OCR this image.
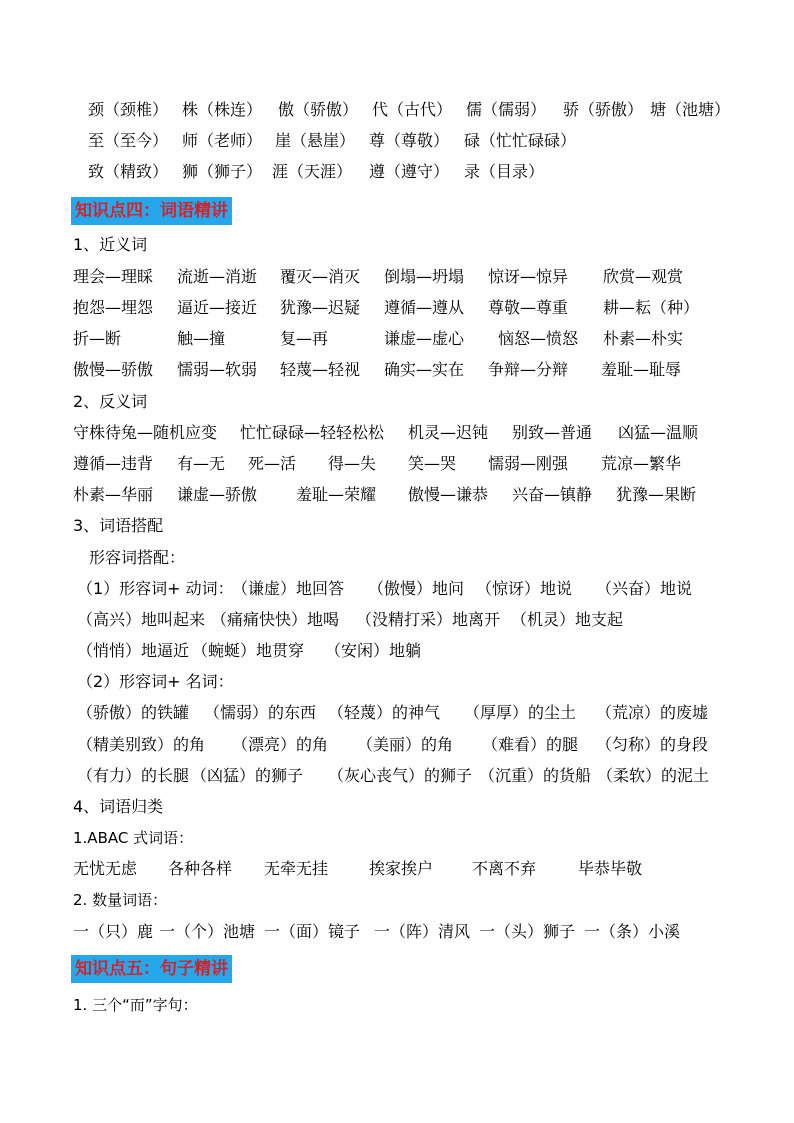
颈（颈椎） 株（株连） 傲（骄傲） 代（古代） 儒（儒弱） 骄（骄傲） 塘（池塘）
至（至今） 师（老师） 崖（悬崖） 尊（尊敬） 碌（忙忙碌碌）
致（精致） 狮（狮子） 涯（天涯） 遵（遵守） 录（目录）
知识点四：词语精讲
1、近义词
理会—理睬 流逝—消逝 覆灭—消灭 倒塌—坍塌 惊讶—惊异 欣赏—观赏
抱怨—埋怨 逼近—接近 犹豫—迟疑 遵循—遵从 尊敬—尊重 耕—耘（种）
折—断	触—撞	复—再	谦虚—虚心 恼怒—愤怒 朴素—朴实
傲慢—骄傲 懦弱—软弱 轻蔑—轻视 确实—实在 争辩—分辩 羞耻—耻辱
2、反义词
守株待兔—随机应变 忙忙碌碌—轻轻松松 机灵—迟钝 别致—普通 凶猛—温顺
遵循—违背 有—无 死—活 得—失 笑—哭 懦弱—刚强 荒凉—繁华
朴素—华丽 谦虚—骄傲 羞耻—荣耀 傲慢—谦恭 兴奋—镇静 犹豫—果断
3、词语搭配
形容词搭配：
（1）形容词+ 动词：
（谦虚）地回答 （傲慢）地问 （惊讶）地说 （兴奋）地说
（高兴）地叫起来 （痛痛快快）地喝 （没精打采）地离开 （机灵）地支起
（悄悄）地逼近 （蜿蜒）地贯穿 （安闲）地躺
（2）形容词+ 名词：
（骄傲）的铁罐 （懦弱）的东西 （轻蔑）的神气 （厚厚）的尘土 （荒凉）的废墟
（精美别致）的角 （漂亮）的角 （美丽）的角 （难看）的腿 （匀称）的身段
（有力）的长腿 （凶猛）的狮子 （灰心丧气）的狮子 （沉重）的货船 （柔软）的泥土
4、词语归类
1.ABAC 式词语：
无忧无虑 各种各样 无牵无挂	挨家挨户 不离不弃	毕恭毕敬
2. 数量词语：
一（只）鹿 一（个）池塘 一（面）镜子 一（阵）清风 一（头）狮子 一（条）小溪
知识点五：句子精讲
1. 三个“而”字句：
